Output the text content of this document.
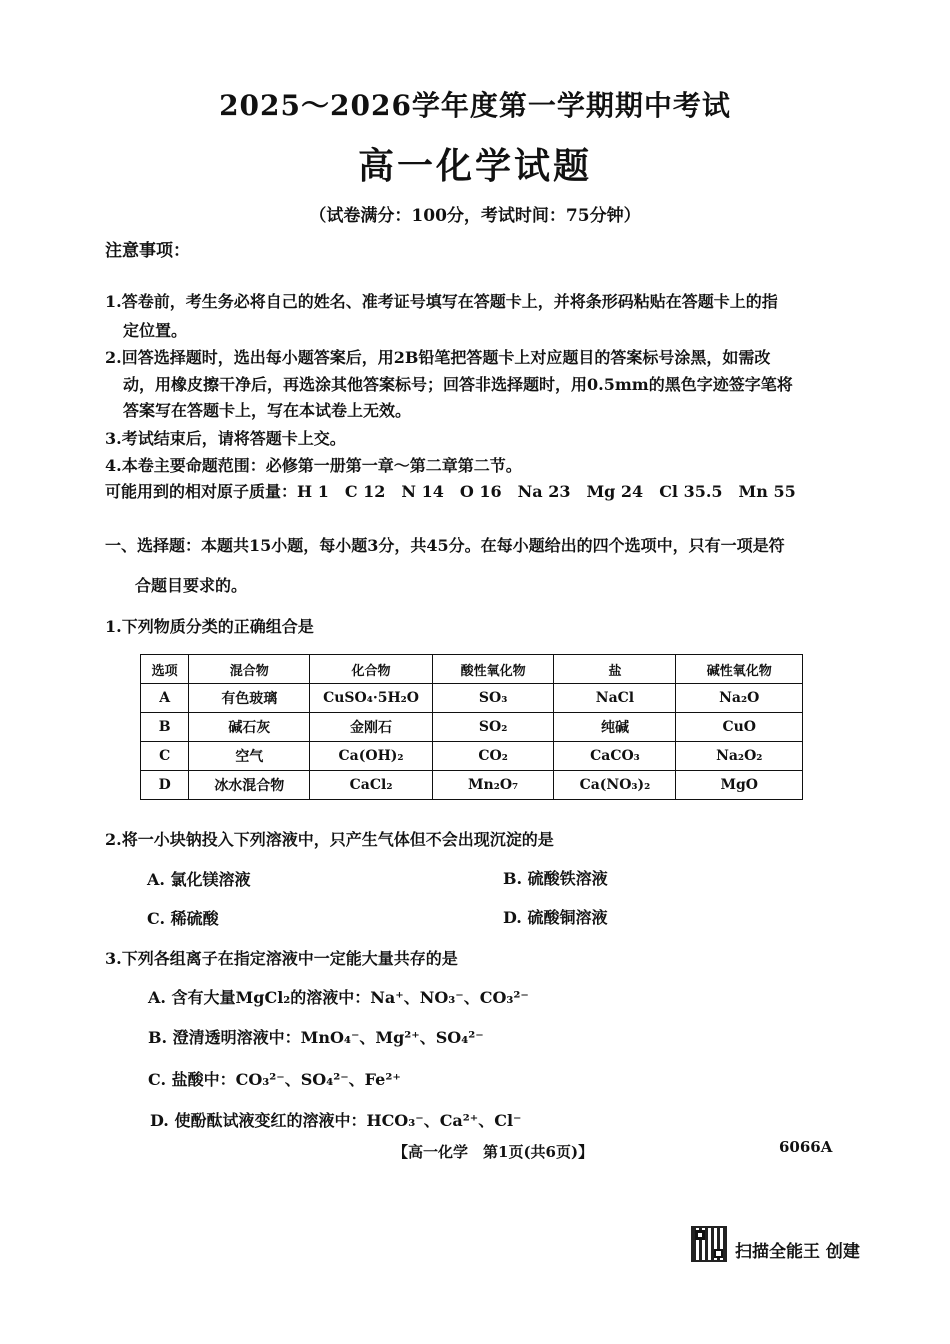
2025～2026学年度第一学期期中考试
高一化学试题
（试卷满分：100分，考试时间：75分钟）
注意事项：
1.答卷前，考生务必将自己的姓名、准考证号填写在答题卡上，并将条形码粘贴在答题卡上的指
定位置。
2.回答选择题时，选出每小题答案后，用2B铅笔把答题卡上对应题目的答案标号涂黑，如需改
动，用橡皮擦干净后，再选涂其他答案标号；回答非选择题时，用0.5mm的黑色字迹签字笔将
答案写在答题卡上，写在本试卷上无效。
3.考试结束后，请将答题卡上交。
4.本卷主要命题范围：必修第一册第一章～第二章第二节。
可能用到的相对原子质量：H 1　C 12　N 14　O 16　Na 23　Mg 24　Cl 35.5　Mn 55
一、选择题：本题共15小题，每小题3分，共45分。在每小题给出的四个选项中，只有一项是符
合题目要求的。
1.下列物质分类的正确组合是
选项	混合物	化合物	酸性氧化物	盐	碱性氧化物
A	有色玻璃	CuSO₄·5H₂O	SO₃	NaCl	Na₂O
B	碱石灰	金刚石	SO₂	纯碱	CuO
C	空气	Ca(OH)₂	CO₂	CaCO₃	Na₂O₂
D	冰水混合物	CaCl₂	Mn₂O₇	Ca(NO₃)₂	MgO
2.将一小块钠投入下列溶液中，只产生气体但不会出现沉淀的是
A. 氯化镁溶液	B. 硫酸铁溶液
C. 稀硫酸	D. 硫酸铜溶液
3.下列各组离子在指定溶液中一定能大量共存的是
A. 含有大量MgCl₂的溶液中：Na⁺、NO₃⁻、CO₃²⁻
B. 澄清透明溶液中：MnO₄⁻、Mg²⁺、SO₄²⁻
C. 盐酸中：CO₃²⁻、SO₄²⁻、Fe²⁺
D. 使酚酞试液变红的溶液中：HCO₃⁻、Ca²⁺、Cl⁻
【高一化学　第1页(共6页)】	6066A
扫描全能王 创建
